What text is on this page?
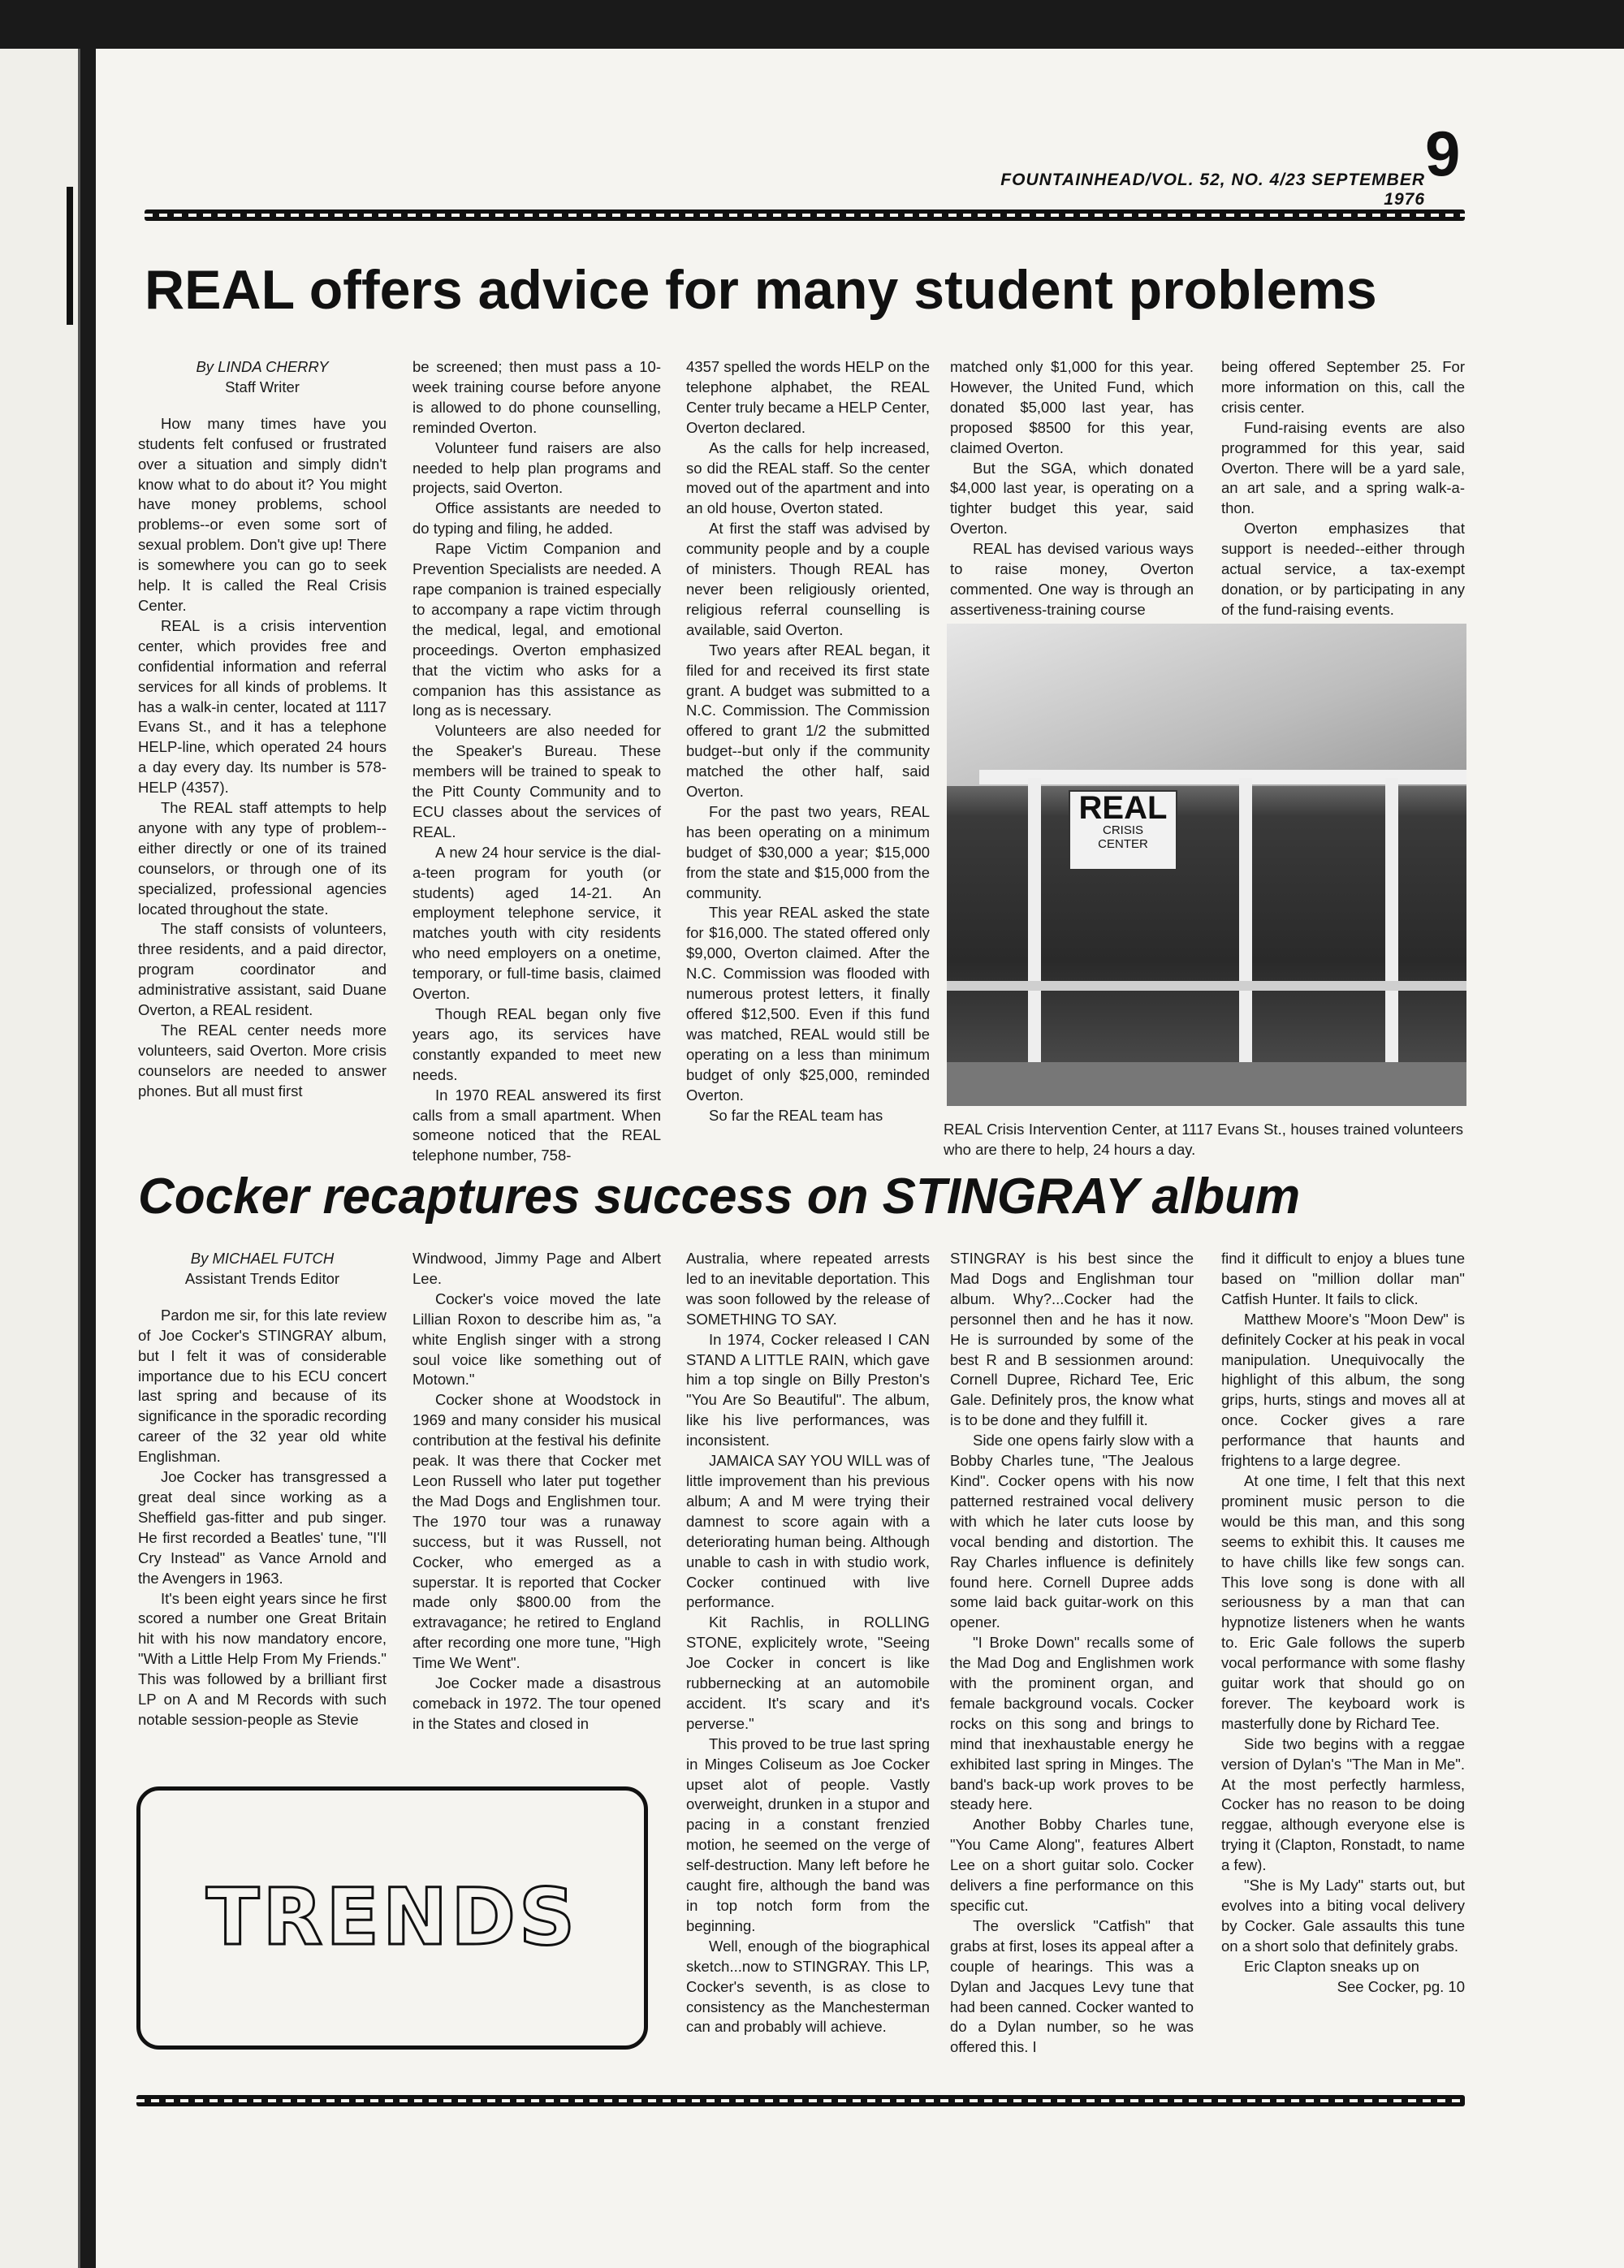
FOUNTAINHEAD/VOL. 52, NO. 4/23 SEPTEMBER 1976
9
REAL offers advice for many student problems
By LINDA CHERRY
Staff Writer

How many times have you students felt confused or frustrated over a situation and simply didn't know what to do about it? You might have money problems, school problems--or even some sort of sexual problem. Don't give up! There is somewhere you can go to seek help. It is called the Real Crisis Center.

REAL is a crisis intervention center, which provides free and confidential information and referral services for all kinds of problems. It has a walk-in center, located at 1117 Evans St., and it has a telephone HELP-line, which operated 24 hours a day every day. Its number is 578-HELP (4357).

The REAL staff attempts to help anyone with any type of problem--either directly or one of its trained counselors, or through one of its specialized, professional agencies located throughout the state.

The staff consists of volunteers, three residents, and a paid director, program coordinator and administrative assistant, said Duane Overton, a REAL resident.

The REAL center needs more volunteers, said Overton. More crisis counselors are needed to answer phones. But all must first

be screened; then must pass a 10-week training course before anyone is allowed to do phone counselling, reminded Overton.

Volunteer fund raisers are also needed to help plan programs and projects, said Overton.

Office assistants are needed to do typing and filing, he added.

Rape Victim Companion and Prevention Specialists are needed. A rape companion is trained especially to accompany a rape victim through the medical, legal, and emotional proceedings. Overton emphasized that the victim who asks for a companion has this assistance as long as is necessary.

Volunteers are also needed for the Speaker's Bureau. These members will be trained to speak to the Pitt County Community and to ECU classes about the services of REAL.

A new 24 hour service is the dial-a-teen program for youth (or students) aged 14-21. An employment telephone service, it matches youth with city residents who need employers on a onetime, temporary, or full-time basis, claimed Overton.

Though REAL began only five years ago, its services have constantly expanded to meet new needs.

In 1970 REAL answered its first calls from a small apartment. When someone noticed that the REAL telephone number, 758-

4357 spelled the words HELP on the telephone alphabet, the REAL Center truly became a HELP Center, Overton declared.

As the calls for help increased, so did the REAL staff. So the center moved out of the apartment and into an old house, Overton stated.

At first the staff was advised by community people and by a couple of ministers. Though REAL has never been religiously oriented, religious referral counselling is available, said Overton.

Two years after REAL began, it filed for and received its first state grant. A budget was submitted to a N.C. Commission. The Commission offered to grant 1/2 the submitted budget--but only if the community matched the other half, said Overton.

For the past two years, REAL has been operating on a minimum budget of $30,000 a year; $15,000 from the state and $15,000 from the community.

This year REAL asked the state for $16,000. The stated offered only $9,000, Overton claimed. After the N.C. Commission was flooded with numerous protest letters, it finally offered $12,500. Even if this fund was matched, REAL would still be operating on a less than minimum budget of only $25,000, reminded Overton.

So far the REAL team has

matched only $1,000 for this year. However, the United Fund, which donated $5,000 last year, has proposed $8500 for this year, claimed Overton.

But the SGA, which donated $4,000 last year, is operating on a tighter budget this year, said Overton.

REAL has devised various ways to raise money, Overton commented. One way is through an assertiveness-training course

being offered September 25. For more information on this, call the crisis center.

Fund-raising events are also programmed for this year, said Overton. There will be a yard sale, an art sale, and a spring walk-a-thon.

Overton emphasizes that support is needed--either through actual service, a tax-exempt donation, or by participating in any of the fund-raising events.

REAL
CRISIS
CENTER
REAL Crisis Intervention Center, at 1117 Evans St., houses trained volunteers who are there to help, 24 hours a day.
Cocker recaptures success on STINGRAY album
By MICHAEL FUTCH
Assistant Trends Editor

Pardon me sir, for this late review of Joe Cocker's STINGRAY album, but I felt it was of considerable importance due to his ECU concert last spring and because of its significance in the sporadic recording career of the 32 year old white Englishman.

Joe Cocker has transgressed a great deal since working as a Sheffield gas-fitter and pub singer. He first recorded a Beatles' tune, "I'll Cry Instead" as Vance Arnold and the Avengers in 1963.

It's been eight years since he first scored a number one Great Britain hit with his now mandatory encore, "With a Little Help From My Friends." This was followed by a brilliant first LP on A and M Records with such notable session-people as Stevie

Windwood, Jimmy Page and Albert Lee.

Cocker's voice moved the late Lillian Roxon to describe him as, "a white English singer with a strong soul voice like something out of Motown."

Cocker shone at Woodstock in 1969 and many consider his musical contribution at the festival his definite peak. It was there that Cocker met Leon Russell who later put together the Mad Dogs and Englishmen tour. The 1970 tour was a runaway success, but it was Russell, not Cocker, who emerged as a superstar. It is reported that Cocker made only $800.00 from the extravagance; he retired to England after recording one more tune, "High Time We Went".

Joe Cocker made a disastrous comeback in 1972. The tour opened in the States and closed in

Australia, where repeated arrests led to an inevitable deportation. This was soon followed by the release of SOMETHING TO SAY.

In 1974, Cocker released I CAN STAND A LITTLE RAIN, which gave him a top single on Billy Preston's "You Are So Beautiful". The album, like his live performances, was inconsistent.

JAMAICA SAY YOU WILL was of little improvement than his previous album; A and M were trying their damnest to score again with a deteriorating human being. Although unable to cash in with studio work, Cocker continued with live performance.

Kit Rachlis, in ROLLING STONE, explicitely wrote, "Seeing Joe Cocker in concert is like rubbernecking at an automobile accident. It's scary and it's perverse."

This proved to be true last spring in Minges Coliseum as Joe Cocker upset alot of people. Vastly overweight, drunken in a stupor and pacing in a constant frenzied motion, he seemed on the verge of self-destruction. Many left before he caught fire, although the band was in top notch form from the beginning.

Well, enough of the biographical sketch...now to STINGRAY. This LP, Cocker's seventh, is as close to consistency as the Manchesterman can and probably will achieve.

STINGRAY is his best since the Mad Dogs and Englishman tour album. Why?...Cocker had the personnel then and he has it now. He is surrounded by some of the best R and B sessionmen around: Cornell Dupree, Richard Tee, Eric Gale. Definitely pros, the know what is to be done and they fulfill it.

Side one opens fairly slow with a Bobby Charles tune, "The Jealous Kind". Cocker opens with his now patterned restrained vocal delivery with which he later cuts loose by vocal bending and distortion. The Ray Charles influence is definitely found here. Cornell Dupree adds some laid back guitar-work on this opener.

"I Broke Down" recalls some of the Mad Dog and Englishmen work with the prominent organ, and female background vocals. Cocker rocks on this song and brings to mind that inexhaustable energy he exhibited last spring in Minges. The band's back-up work proves to be steady here.

Another Bobby Charles tune, "You Came Along", features Albert Lee on a short guitar solo. Cocker delivers a fine performance on this specific cut.

The overslick "Catfish" that grabs at first, loses its appeal after a couple of hearings. This was a Dylan and Jacques Levy tune that had been canned. Cocker wanted to do a Dylan number, so he was offered this. I

find it difficult to enjoy a blues tune based on "million dollar man" Catfish Hunter. It fails to click.

Matthew Moore's "Moon Dew" is definitely Cocker at his peak in vocal manipulation. Unequivocally the highlight of this album, the song grips, hurts, stings and moves all at once. Cocker gives a rare performance that haunts and frightens to a large degree.

At one time, I felt that this next prominent music person to die would be this man, and this song seems to exhibit this. It causes me to have chills like few songs can. This love song is done with all seriousness by a man that can hypnotize listeners when he wants to. Eric Gale follows the superb vocal performance with some flashy guitar work that should go on forever. The keyboard work is masterfully done by Richard Tee.

Side two begins with a reggae version of Dylan's "The Man in Me". At the most perfectly harmless, Cocker has no reason to be doing reggae, although everyone else is trying it (Clapton, Ronstadt, to name a few).

"She is My Lady" starts out, but evolves into a biting vocal delivery by Cocker. Gale assaults this tune on a short solo that definitely grabs.

Eric Clapton sneaks up on

See Cocker, pg. 10

TRENDS
